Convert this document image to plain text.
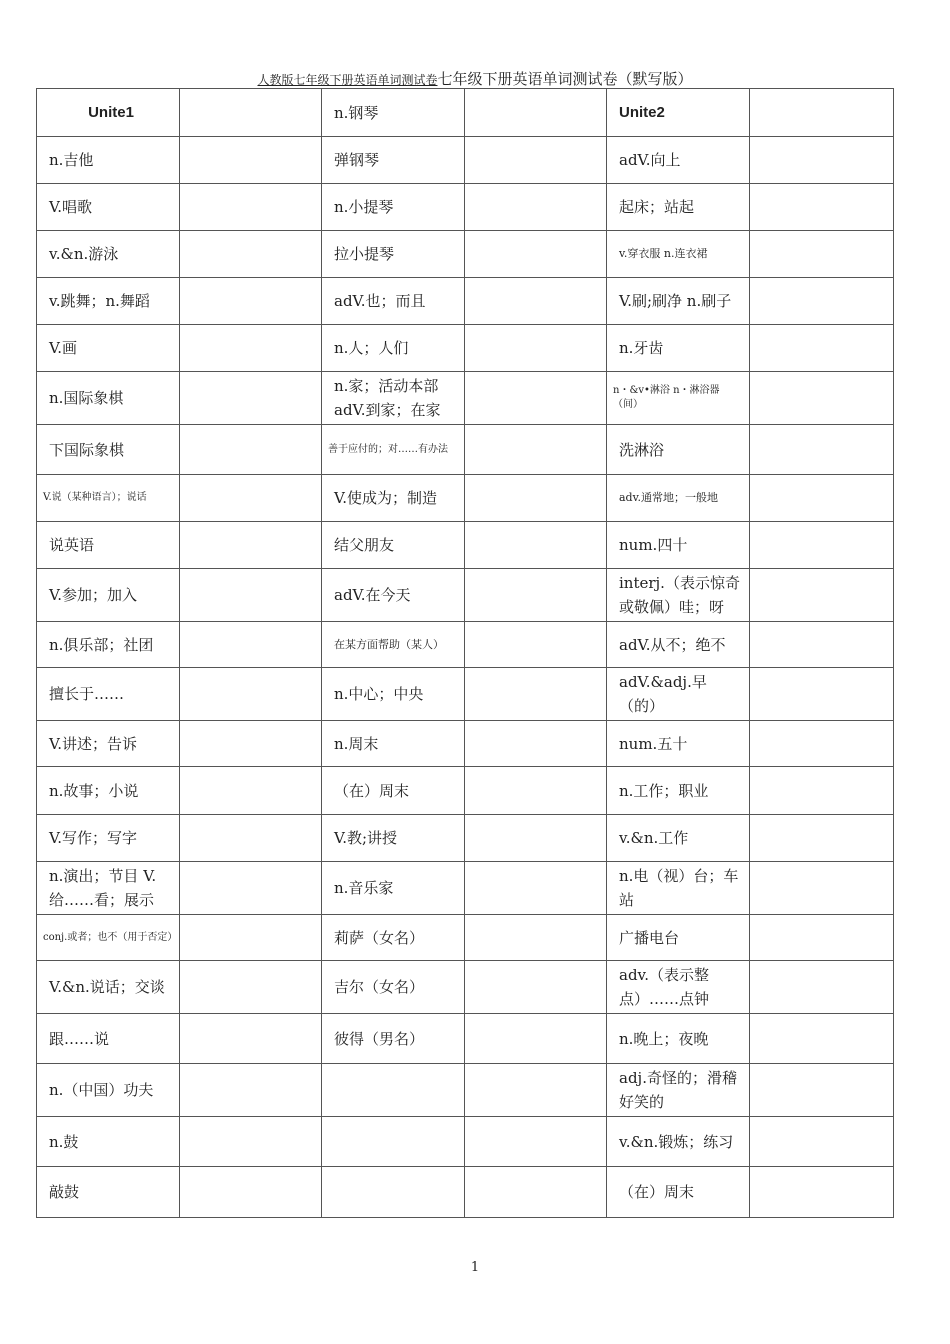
人教版七年级下册英语单词测试卷七年级下册英语单词测试卷（默写版）
Unite1		n.钢琴		Unite2	
n.吉他		弹钢琴		adV.向上	
V.唱歌		n.小提琴		起床；站起	
v.&n.游泳		拉小提琴		v.穿衣服 n.连衣裙	
v.跳舞；n.舞蹈		adV.也；而且		V.刷;刷净 n.刷子	
V.画		n.人；人们		n.牙齿	
n.国际象棋		n.家；活动本部 adV.到家；在家		n・&v•淋浴 n・淋浴器（间）	
下国际象棋		善于应付的；对……有办法		洗淋浴	
V.说（某种语言）；说话		V.使成为；制造		adv.通常地；一般地	
说英语		结父朋友		num.四十	
V.参加；加入		adV.在今天		interj.（表示惊奇或敬佩）哇；呀	
n.俱乐部；社团		在某方面帮助（某人）		adV.从不；绝不	
擅长于……		n.中心；中央		adV.&adj.早（的）	
V.讲述；告诉		n.周末		num.五十	
n.故事；小说		（在）周末		n.工作；职业	
V.写作；写字		V.教;讲授		v.&n.工作	
n.演出；节目 V.给……看；展示		n.音乐家		n.电（视）台；车站	
conj.或者；也不（用于否定）		莉萨（女名）		广播电台	
V.&n.说话；交谈		吉尔（女名）		adv.（表示整点）……点钟	
跟……说		彼得（男名）		n.晚上；夜晚	
n.（中国）功夫				adj.奇怪的；滑稽好笑的	
n.鼓				v.&n.锻炼；练习	
敲鼓				（在）周末	
1
